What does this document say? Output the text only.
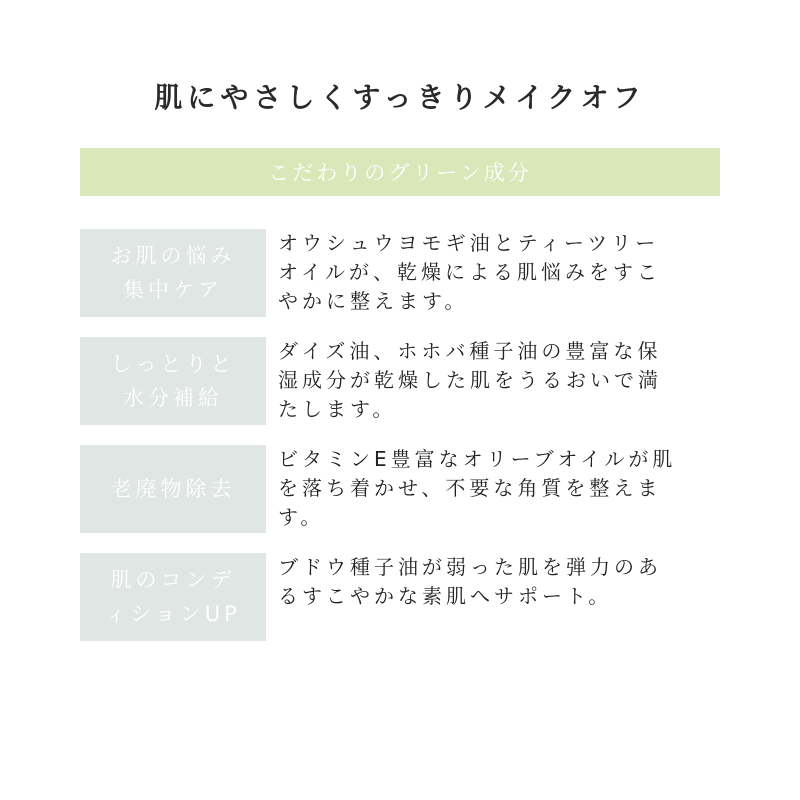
肌にやさしくすっきりメイクオフ
こだわりのグリーン成分
お肌の悩み
集中ケア
オウシュウヨモギ油とティーツリー
オイルが、乾燥による肌悩みをすこ
やかに整えます。
しっとりと
水分補給
ダイズ油、ホホバ種子油の豊富な保
湿成分が乾燥した肌をうるおいで満
たします。
老廃物除去
ビタミンE豊富なオリーブオイルが肌
を落ち着かせ、不要な角質を整えま
す。
肌のコンデ
ィションUP
ブドウ種子油が弱った肌を弾力のあ
るすこやかな素肌へサポート。
